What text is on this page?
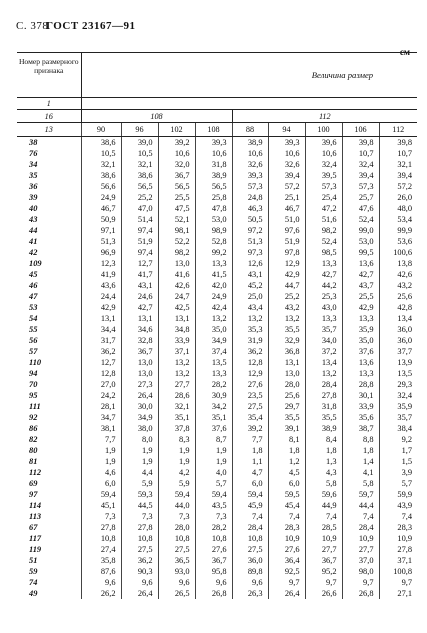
С. 378
ГОСТ 23167—91
см
Номер размерного признака	Величина размер								
1									
16	108				112				
13	90	96	102	108	88	94	100	106	112
38	38,6	39,0	39,2	39,3	38,9	39,3	39,6	39,8	39,8
76	10,5	10,5	10,6	10,6	10,6	10,6	10,6	10,7	10,7
34	32,1	32,1	32,0	31,8	32,6	32,6	32,4	32,4	32,1
35	38,6	38,6	36,7	38,9	39,3	39,4	39,5	39,4	39,4
36	56,6	56,5	56,5	56,5	57,3	57,2	57,3	57,3	57,2
39	24,9	25,2	25,5	25,8	24,8	25,1	25,4	25,7	26,0
40	46,7	47,0	47,5	47,8	46,3	46,7	47,2	47,6	48,0
43	50,9	51,4	52,1	53,0	50,5	51,0	51,6	52,4	53,4
44	97,1	97,4	98,1	98,9	97,2	97,6	98,2	99,0	99,9
41	51,3	51,9	52,2	52,8	51,3	51,9	52,4	53,0	53,6
42	96,9	97,4	98,2	99,2	97,3	97,8	98,5	99,5	100,6
109	12,3	12,7	13,0	13,3	12,6	12,9	13,3	13,6	13,8
45	41,9	41,7	41,6	41,5	43,1	42,9	42,7	42,7	42,6
46	43,6	43,1	42,6	42,0	45,2	44,7	44,2	43,7	43,2
47	24,4	24,6	24,7	24,9	25,0	25,2	25,3	25,5	25,6
53	42,9	42,7	42,5	42,4	43,4	43,2	43,0	42,9	42,8
54	13,1	13,1	13,1	13,2	13,2	13,2	13,3	13,3	13,4
55	34,4	34,6	34,8	35,0	35,3	35,5	35,7	35,9	36,0
56	31,7	32,8	33,9	34,9	31,9	32,9	34,0	35,0	36,0
57	36,2	36,7	37,1	37,4	36,2	36,8	37,2	37,6	37,7
110	12,7	13,0	13,2	13,5	12,8	13,1	13,4	13,6	13,9
94	12,8	13,0	13,2	13,3	12,9	13,0	13,2	13,3	13,5
70	27,0	27,3	27,7	28,2	27,6	28,0	28,4	28,8	29,3
95	24,2	26,4	28,6	30,9	23,5	25,6	27,8	30,1	32,4
111	28,1	30,0	32,1	34,2	27,5	29,7	31,8	33,9	35,9
92	34,7	34,9	35,1	35,1	35,4	35,5	35,5	35,6	35,7
86	38,1	38,0	37,8	37,6	39,2	39,1	38,9	38,7	38,4
82	7,7	8,0	8,3	8,7	7,7	8,1	8,4	8,8	9,2
80	1,9	1,9	1,9	1,9	1,8	1,8	1,8	1,8	1,7
81	1,9	1,9	1,9	1,9	1,1	1,2	1,3	1,4	1,5
112	4,6	4,4	4,2	4,0	4,7	4,5	4,3	4,1	3,9
69	6,0	5,9	5,9	5,7	6,0	6,0	5,8	5,8	5,7
97	59,4	59,3	59,4	59,4	59,4	59,5	59,6	59,7	59,9
114	45,1	44,5	44,0	43,5	45,9	45,4	44,9	44,4	43,9
113	7,3	7,3	7,3	7,3	7,4	7,4	7,4	7,4	7,4
67	27,8	27,8	28,0	28,2	28,4	28,3	28,5	28,4	28,3
117	10,8	10,8	10,8	10,8	10,8	10,9	10,9	10,9	10,9
119	27,4	27,5	27,5	27,6	27,5	27,6	27,7	27,7	27,8
51	35,8	36,2	36,5	36,7	36,0	36,4	36,7	37,0	37,1
59	87,6	90,3	93,0	95,8	89,8	92,5	95,2	98,0	100,8
74	9,6	9,6	9,6	9,6	9,6	9,7	9,7	9,7	9,7
49	26,2	26,4	26,5	26,8	26,3	26,4	26,6	26,8	27,1
